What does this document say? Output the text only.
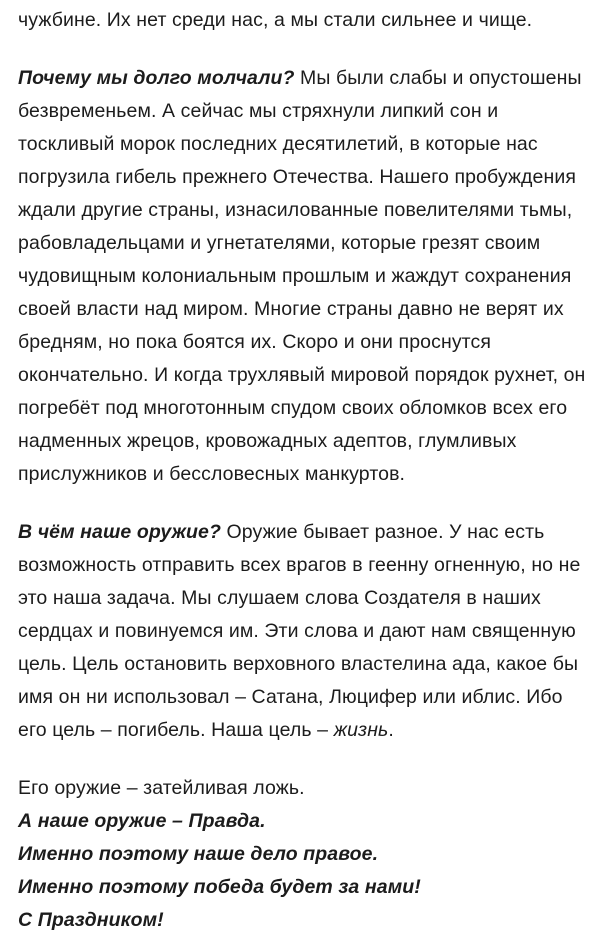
чужбине. Их нет среди нас, а мы стали сильнее и чище.

Почему мы долго молчали? Мы были слабы и опустошены безвременьем. А сейчас мы стряхнули липкий сон и тоскливый морок последних десятилетий, в которые нас погрузила гибель прежнего Отечества. Нашего пробуждения ждали другие страны, изнасилованные повелителями тьмы, рабовладельцами и угнетателями, которые грезят своим чудовищным колониальным прошлым и жаждут сохранения своей власти над миром. Многие страны давно не верят их бредням, но пока боятся их. Скоро и они проснутся окончательно. И когда трухлявый мировой порядок рухнет, он погребёт под многотонным спудом своих обломков всех его надменных жрецов, кровожадных адептов, глумливых прислужников и бессловесных манкуртов.

В чём наше оружие? Оружие бывает разное. У нас есть возможность отправить всех врагов в геенну огненную, но не это наша задача. Мы слушаем слова Создателя в наших сердцах и повинуемся им. Эти слова и дают нам священную цель. Цель остановить верховного властелина ада, какое бы имя он ни использовал – Сатана, Люцифер или иблис. Ибо его цель – погибель. Наша цель – жизнь.

Его оружие – затейливая ложь.

А наше оружие – Правда.

Именно поэтому наше дело правое.

Именно поэтому победа будет за нами!

С Праздником!
